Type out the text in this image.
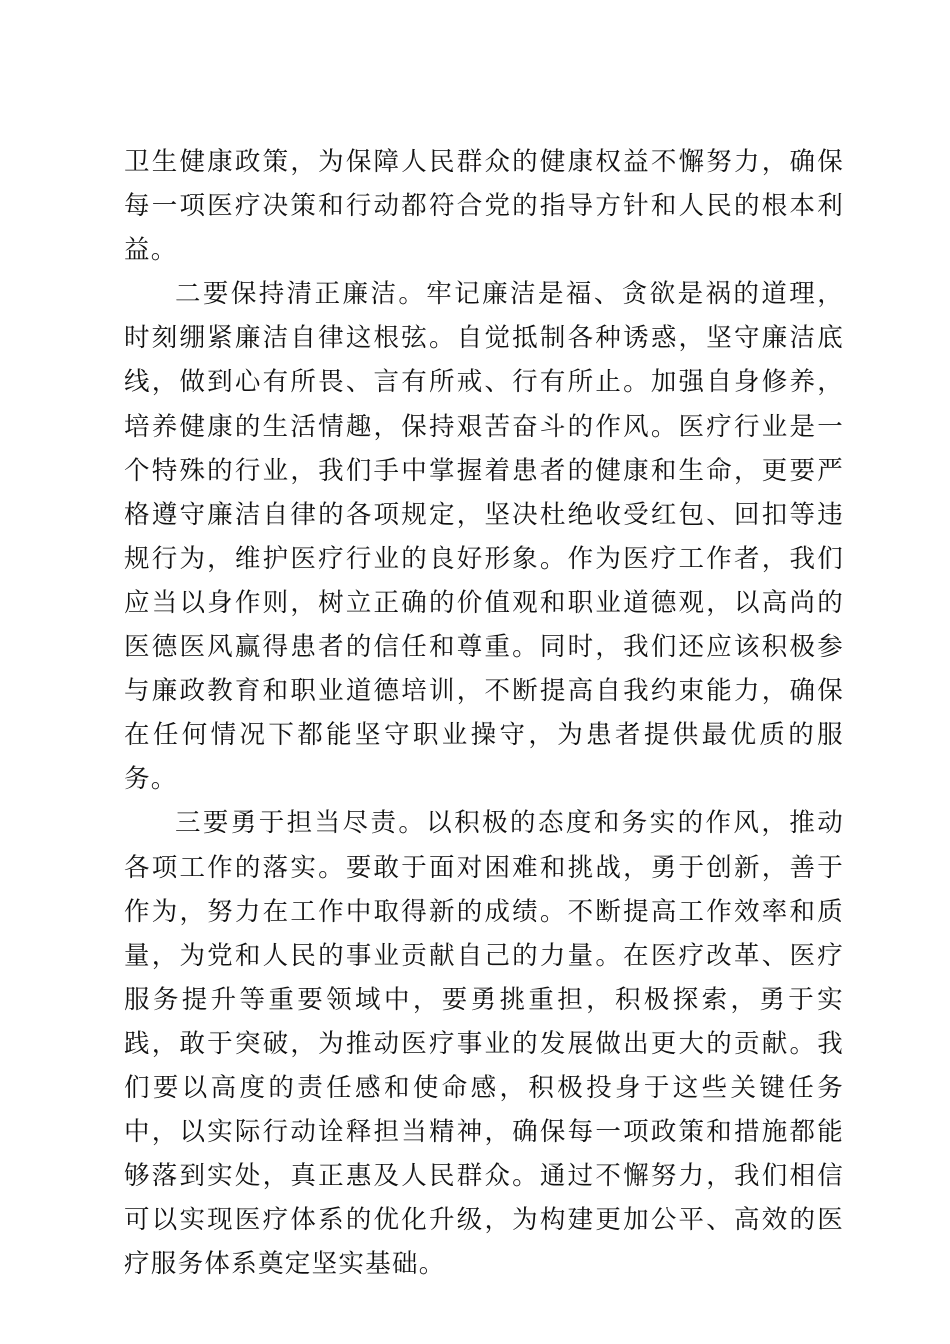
卫生健康政策，为保障人民群众的健康权益不懈努力，确保每一项医疗决策和行动都符合党的指导方针和人民的根本利益。

二要保持清正廉洁。牢记廉洁是福、贪欲是祸的道理，时刻绷紧廉洁自律这根弦。自觉抵制各种诱惑，坚守廉洁底线，做到心有所畏、言有所戒、行有所止。加强自身修养，培养健康的生活情趣，保持艰苦奋斗的作风。医疗行业是一个特殊的行业，我们手中掌握着患者的健康和生命，更要严格遵守廉洁自律的各项规定，坚决杜绝收受红包、回扣等违规行为，维护医疗行业的良好形象。作为医疗工作者，我们应当以身作则，树立正确的价值观和职业道德观，以高尚的医德医风赢得患者的信任和尊重。同时，我们还应该积极参与廉政教育和职业道德培训，不断提高自我约束能力，确保在任何情况下都能坚守职业操守，为患者提供最优质的服务。

三要勇于担当尽责。以积极的态度和务实的作风，推动各项工作的落实。要敢于面对困难和挑战，勇于创新，善于作为，努力在工作中取得新的成绩。不断提高工作效率和质量，为党和人民的事业贡献自己的力量。在医疗改革、医疗服务提升等重要领域中，要勇挑重担，积极探索，勇于实践，敢于突破，为推动医疗事业的发展做出更大的贡献。我们要以高度的责任感和使命感，积极投身于这些关键任务中，以实际行动诠释担当精神，确保每一项政策和措施都能够落到实处，真正惠及人民群众。通过不懈努力，我们相信可以实现医疗体系的优化升级，为构建更加公平、高效的医疗服务体系奠定坚实基础。
